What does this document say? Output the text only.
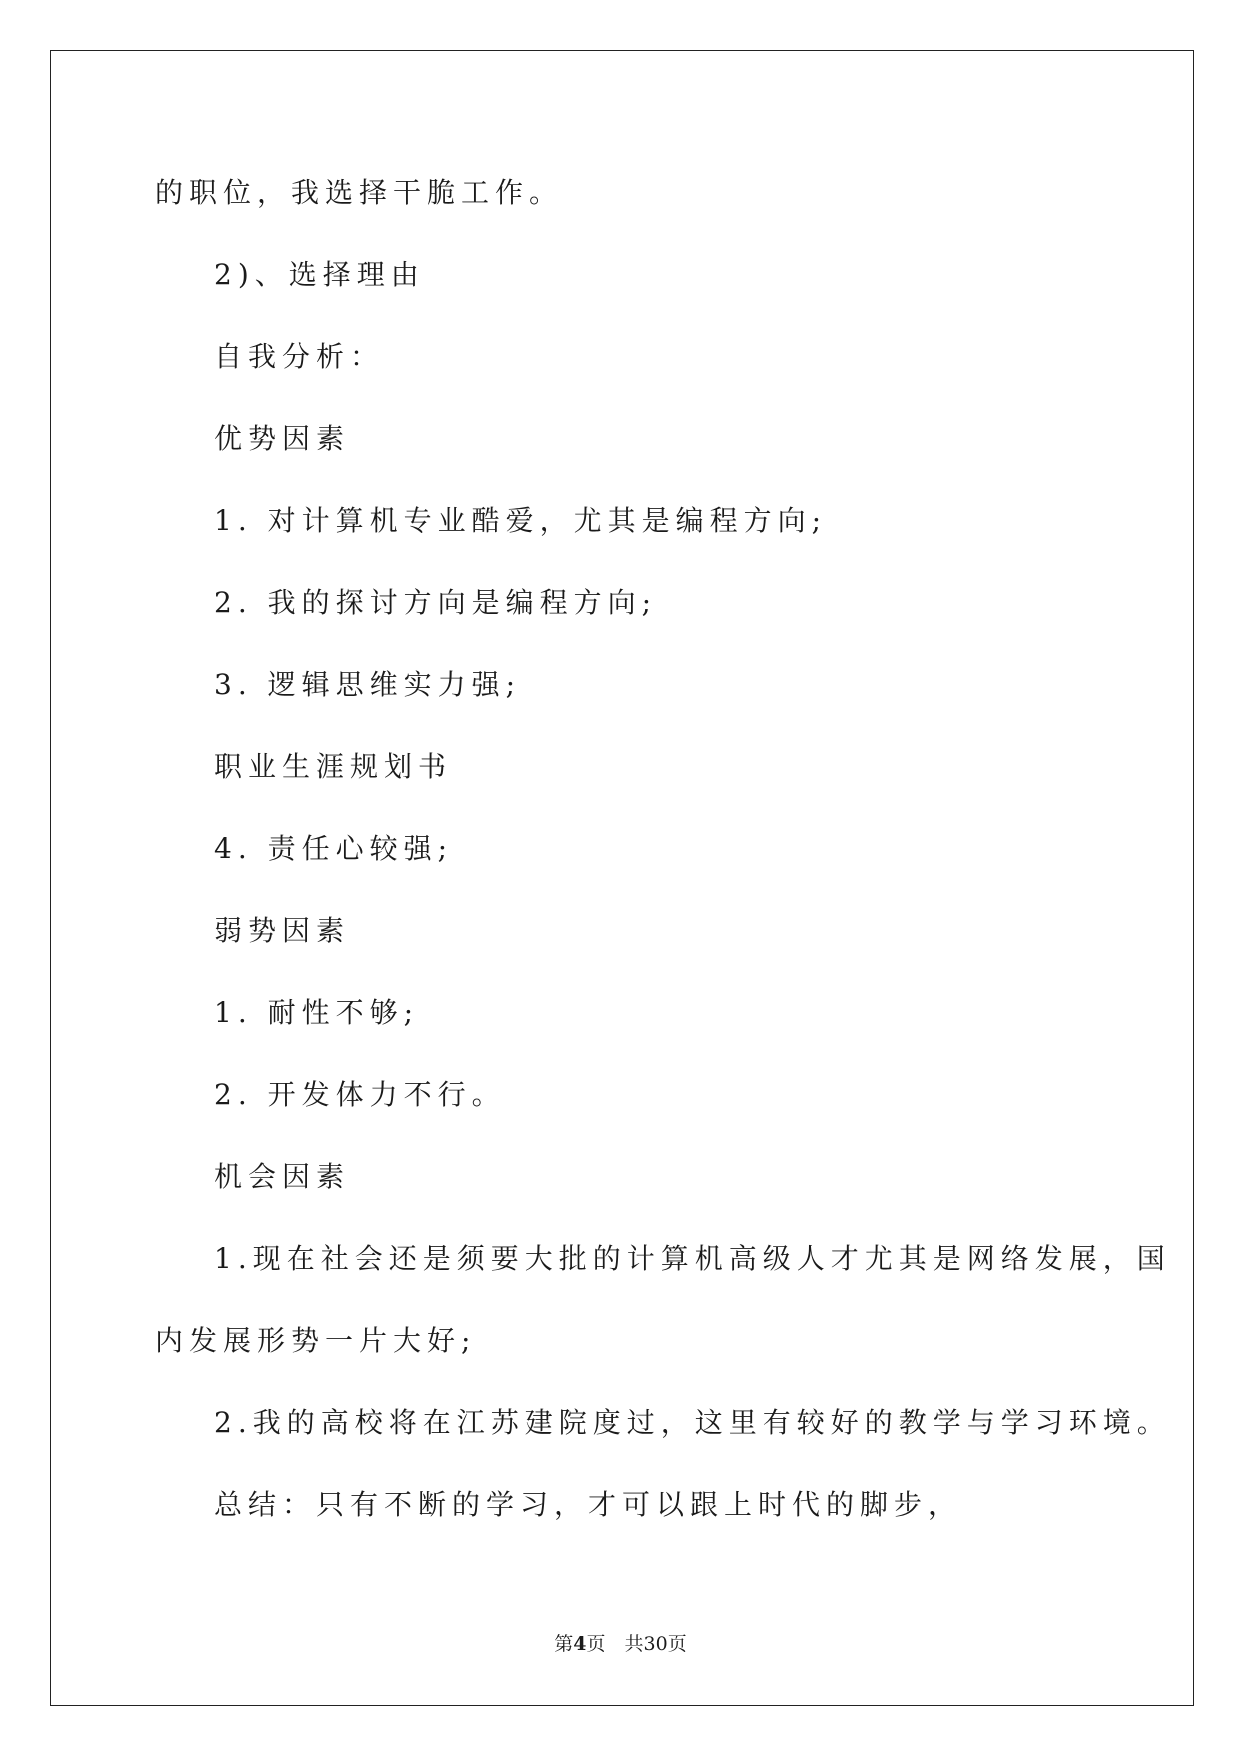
的职位，我选择干脆工作。
2)、选择理由
自我分析：
优势因素
1. 对计算机专业酷爱，尤其是编程方向;
2. 我的探讨方向是编程方向;
3. 逻辑思维实力强;
职业生涯规划书
4. 责任心较强;
弱势因素
1. 耐性不够;
2. 开发体力不行。
机会因素
1.现在社会还是须要大批的计算机高级人才尤其是网络发展，国
内发展形势一片大好;
2.我的高校将在江苏建院度过，这里有较好的教学与学习环境。
总结：只有不断的学习，才可以跟上时代的脚步，
第4页　共30页
